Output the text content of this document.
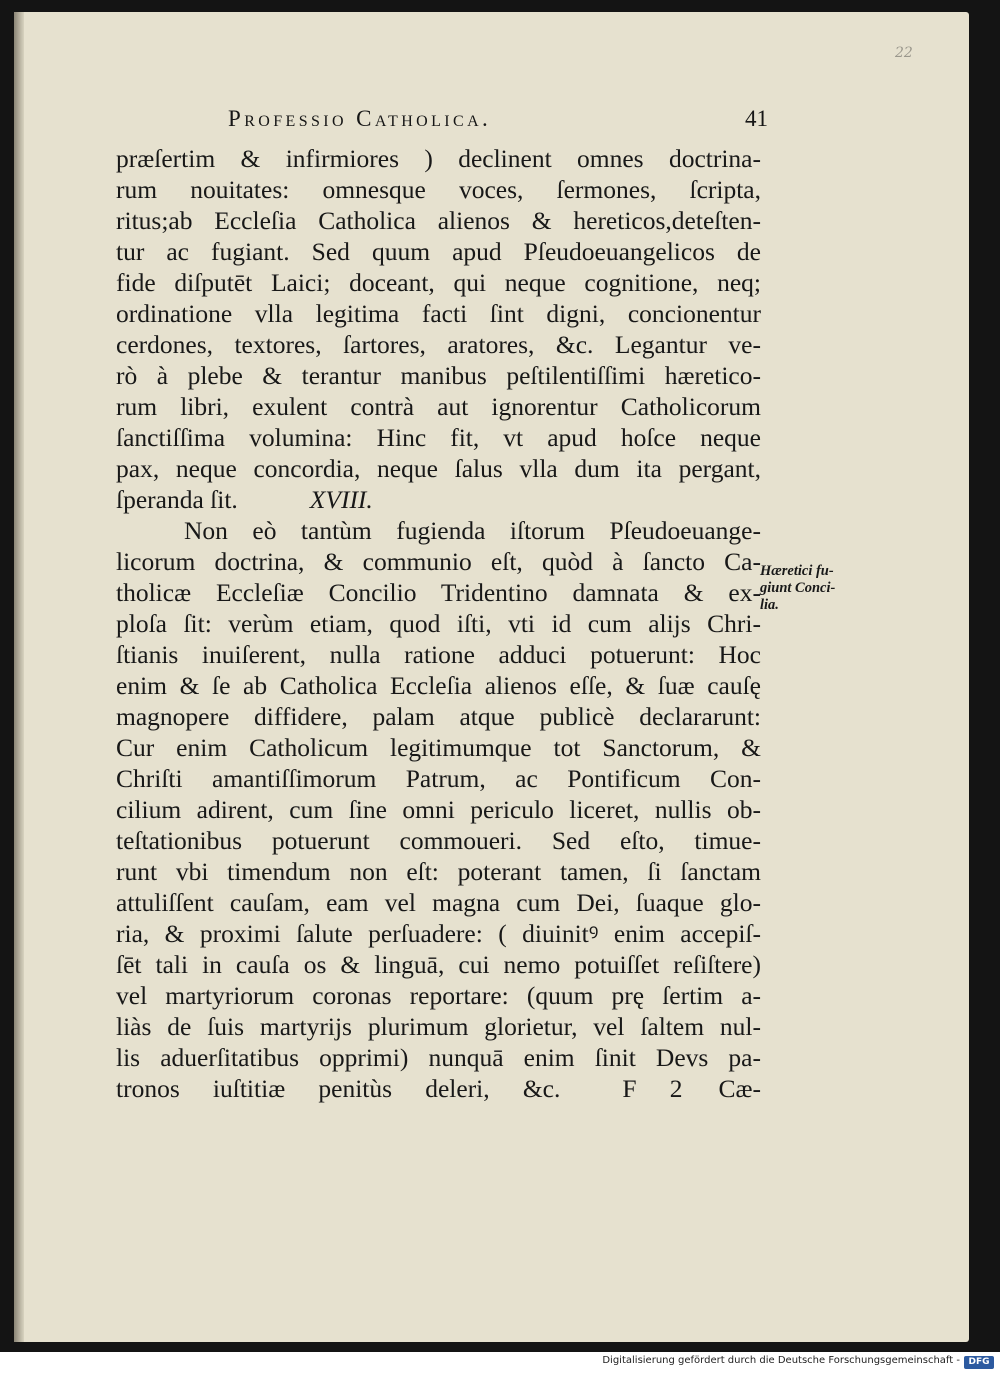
22
Professio Catholica.	41
præſertim & infirmiores ) declinent omnes doctrina-
rum nouitates: omnesque voces, ſermones, ſcripta,
ritus;ab Eccleſia Catholica alienos & hereticos,deteſten-
tur ac fugiant. Sed quum apud Pſeudoeuangelicos de
fide diſputēt Laici; doceant, qui neque cognitione, neq;
ordinatione vlla legitima facti ſint digni, concionentur
cerdones, textores, ſartores, aratores, &c. Legantur ve-
rò à plebe & terantur manibus peſtilentiſſimi hæretico-
rum libri, exulent contrà aut ignorentur Catholicorum
ſanctiſſima volumina: Hinc fit, vt apud hoſce neque
pax, neque concordia, neque ſalus vlla dum ita pergant,
ſperanda ſit.	XVIII.
Non eò tantùm fugienda iſtorum Pſeudoeuange-
licorum doctrina, & communio eſt, quòd à ſancto Ca-
tholicæ Eccleſiæ Concilio Tridentino damnata & ex-
ploſa ſit: verùm etiam, quod iſti, vti id cum alijs Chri-
ſtianis inuiſerent, nulla ratione adduci potuerunt: Hoc
enim & ſe ab Catholica Eccleſia alienos eſſe, & ſuæ cauſę
magnopere diffidere, palam atque publicè declararunt:
Cur enim Catholicum legitimumque tot Sanctorum, &
Chriſti amantiſſimorum Patrum, ac Pontificum Con-
cilium adirent, cum ſine omni periculo liceret, nullis ob-
teſtationibus potuerunt commoueri. Sed eſto, timue-
runt vbi timendum non eſt: poterant tamen, ſi ſanctam
attuliſſent cauſam, eam vel magna cum Dei, ſuaque glo-
ria, & proximi ſalute perſuadere: ( diuinitꝰ enim accepiſ-
ſēt tali in cauſa os & linguā, cui nemo potuiſſet reſiſtere)
vel martyriorum coronas reportare: (quum prę ſertim a-
liàs de ſuis martyrijs plurimum glorietur, vel ſaltem nul-
lis aduerſitatibus opprimi) nunquā enim ſinit Devs pa-
tronos iuſtitiæ penitùs deleri, &c. F 2 Cæ-
Hæretici fu-
giunt Conci-
lia.
Digitalisierung gefördert durch die Deutsche Forschungsgemeinschaft - DFG
